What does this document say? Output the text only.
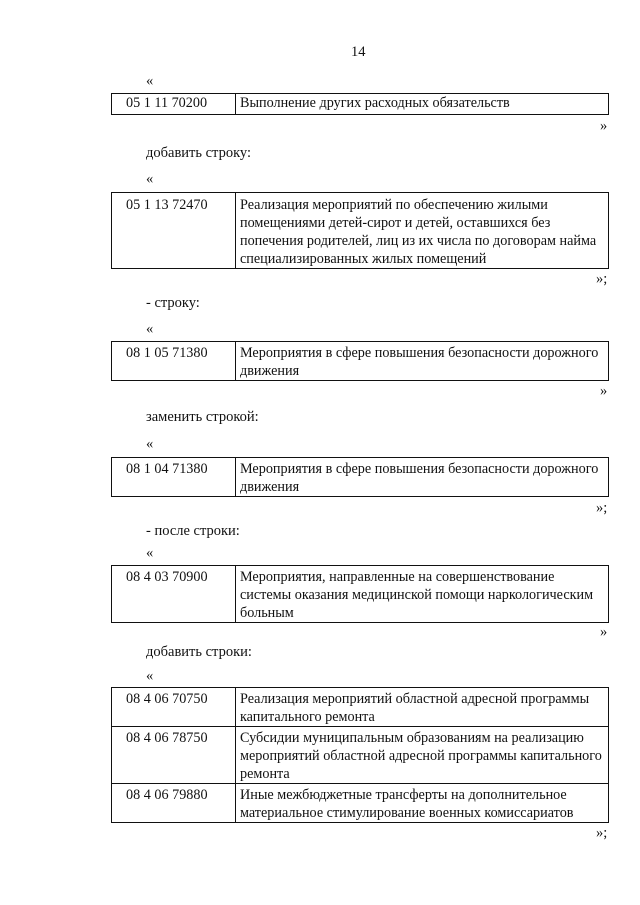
14
«
05 1 11 70200	Выполнение других расходных обязательств
»
добавить строку:
«
05 1 13 72470	Реализация мероприятий по обеспечению жилыми помещениями детей-сирот и детей, оставшихся без попечения родителей, лиц из их числа по договорам найма специализированных жилых помещений
»;
- строку:
«
08 1 05 71380	Мероприятия в сфере повышения безопасности дорожного движения
»
заменить строкой:
«
08 1 04 71380	Мероприятия в сфере повышения безопасности дорожного движения
»;
- после строки:
«
08 4 03 70900	Мероприятия, направленные на совершенствование системы оказания медицинской помощи наркологическим больным
»
добавить строки:
«
08 4 06 70750	Реализация мероприятий областной адресной программы капитального ремонта
08 4 06 78750	Субсидии муниципальным образованиям на реализацию мероприятий областной адресной программы капитального ремонта
08 4 06 79880	Иные межбюджетные трансферты на дополнительное материальное стимулирование военных комиссариатов
»;
